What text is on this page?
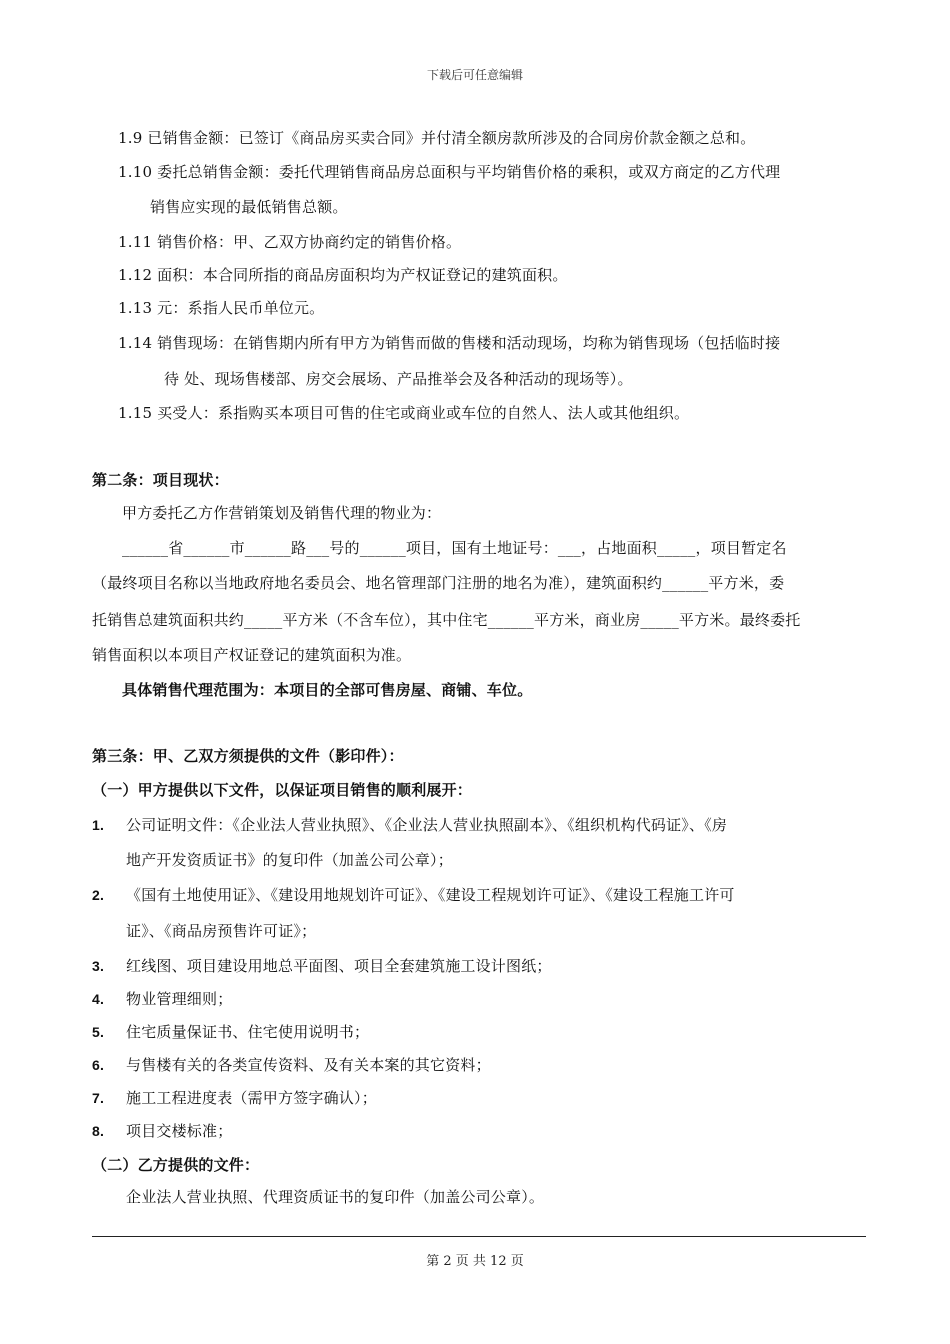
下载后可任意编辑
1.9 已销售金额：已签订《商品房买卖合同》并付清全额房款所涉及的合同房价款金额之总和。
1.10 委托总销售金额：委托代理销售商品房总面积与平均销售价格的乘积，或双方商定的乙方代理
销售应实现的最低销售总额。
1.11 销售价格：甲、乙双方协商约定的销售价格。
1.12 面积：本合同所指的商品房面积均为产权证登记的建筑面积。
1.13 元：系指人民币单位元。
1.14 销售现场：在销售期内所有甲方为销售而做的售楼和活动现场，均称为销售现场（包括临时接
待 处、现场售楼部、房交会展场、产品推举会及各种活动的现场等）。
1.15 买受人：系指购买本项目可售的住宅或商业或车位的自然人、法人或其他组织。
第二条：项目现状：
甲方委托乙方作营销策划及销售代理的物业为：
______省______市______路___号的______项目，国有土地证号：___，占地面积_____，项目暂定名
（最终项目名称以当地政府地名委员会、地名管理部门注册的地名为准），建筑面积约______平方米，委
托销售总建筑面积共约_____平方米（不含车位），其中住宅______平方米，商业房_____平方米。最终委托
销售面积以本项目产权证登记的建筑面积为准。
具体销售代理范围为：本项目的全部可售房屋、商铺、车位。
第三条：甲、乙双方须提供的文件（影印件）：
（一）甲方提供以下文件，以保证项目销售的顺利展开：
1. 公司证明文件：《企业法人营业执照》、《企业法人营业执照副本》、《组织机构代码证》、《房
地产开发资质证书》的复印件（加盖公司公章）；
2. 《国有土地使用证》、《建设用地规划许可证》、《建设工程规划许可证》、《建设工程施工许可
证》、《商品房预售许可证》；
3. 红线图、项目建设用地总平面图、项目全套建筑施工设计图纸；
4. 物业管理细则；
5. 住宅质量保证书、住宅使用说明书；
6. 与售楼有关的各类宣传资料、及有关本案的其它资料；
7. 施工工程进度表（需甲方签字确认）；
8. 项目交楼标准；
（二）乙方提供的文件：
企业法人营业执照、代理资质证书的复印件（加盖公司公章）。
第 2 页 共 12 页
